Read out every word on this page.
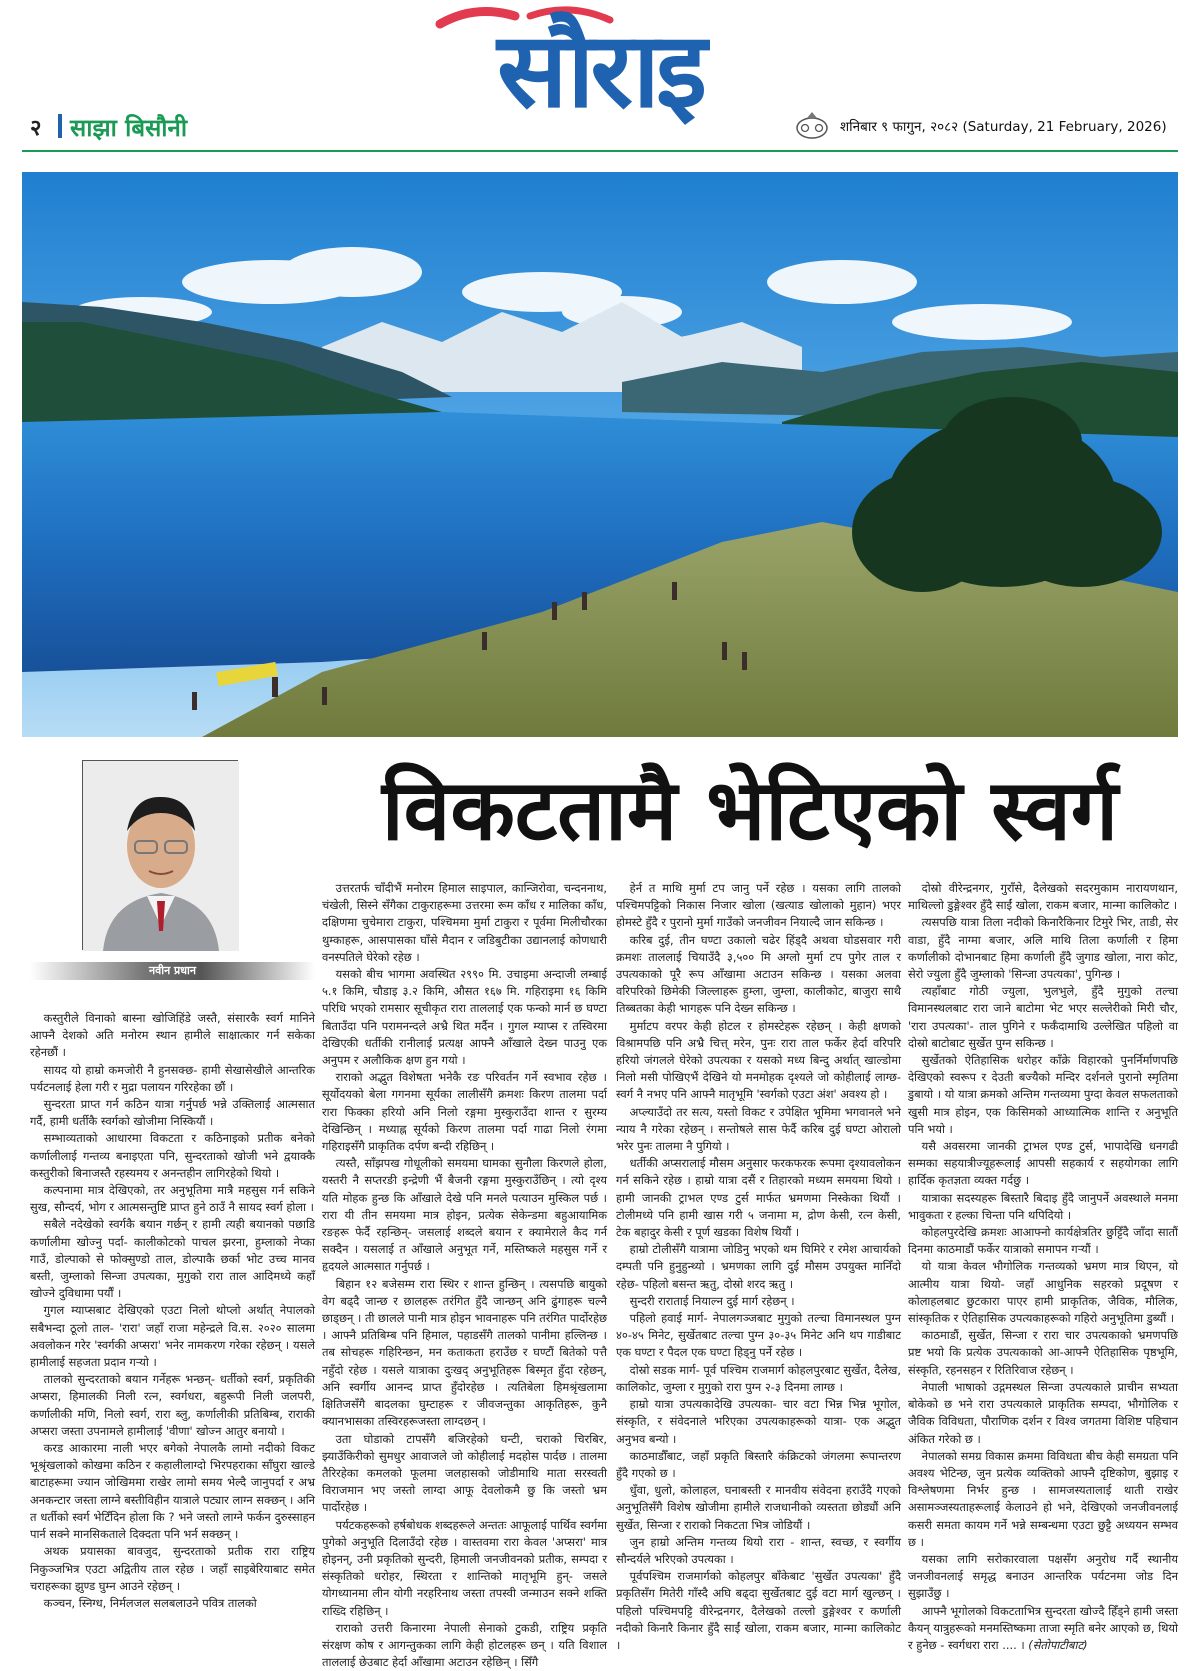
सौराइ
२ साझा बिसौनी	शनिबार ९ फागुन, २०८२ (Saturday, 21 February, 2026)
नवीन प्रधान
विकटतामै भेटिएको स्वर्ग

कस्तुरीले विनाको बास्ना खोजिहिंडे जस्तै, संसारकै स्वर्ग मानिने आफ्नै देशको अति मनोरम स्थान हामीले साक्षात्कार गर्न सकेका रहेनछौं ।

सायद यो हाम्रो कमजोरी नै हुनसक्छ- हामी सेखासेखीले आन्तरिक पर्यटनलाई हेला गरी र मुद्रा पलायन गरिरहेका छौं ।

सुन्दरता प्राप्त गर्न कठिन यात्रा गर्नुपर्छ भन्ने उक्तिलाई आत्मसात गर्दै, हामी धर्तीकै स्वर्गको खोजीमा निस्कियौं ।

सम्भाव्यताको आधारमा विकटता र कठिनाइको प्रतीक बनेको कर्णालीलाई गन्तव्य बनाइएता पनि, सुन्दरताको खोजी भने द्वयाक्कै कस्तुरीको बिनाजस्तै रहस्यमय र अनन्तहीन लागिरहेको थियो ।

कल्पनामा मात्र देखिएको, तर अनुभूतिमा मात्रै महसुस गर्न सकिने सुख, सौन्दर्य, भोग र आत्मसन्तुष्टि प्राप्त हुने ठाउँ नै सायद स्वर्ग होला ।

सबैले नदेखेको स्वर्गकै बयान गर्छन् र हामी त्यही बयानको पछाडि कर्णालीमा खोज्नु पर्दा- कालीकोटको पाचल झरना, हुम्लाको नेप्का गाउँ, डोल्पाको से फोक्सुण्डो ताल, डोल्पाकै छर्का भोट उच्च मानव बस्ती, जुम्लाको सिन्जा उपत्यका, मुगुको रारा ताल आदिमध्ये कहाँ खोज्ने दुविधामा पर्यौं ।

गुगल म्याप्सबाट देखिएको एउटा निलो थोप्लो अर्थात् नेपालको सबैभन्दा ठूलो ताल- 'रारा' जहाँ राजा महेन्द्रले वि.स. २०२० सालमा अवलोकन गरेर 'स्वर्गकी अप्सरा' भनेर नामकरण गरेका रहेछन् । यसले हामीलाई सहजता प्रदान गर्‍यो ।

तालको सुन्दरताको बयान गर्नेहरू भन्छन्- धर्तीको स्वर्ग, प्रकृतिकी अप्सरा, हिमालकी निली रत्न, स्वर्गधरा, बहुरूपी निली जलपरी, कर्णालीकी मणि, निलो स्वर्ग, रारा ब्लु, कर्णालीकी प्रतिबिम्ब, राराकी अप्सरा जस्ता उपनामले हामीलाई 'वीणा' खोज्न आतुर बनायो ।

करड आकारमा नाली भएर बगेको नेपालकै लामो नदीको विकट भूश्रृंखलाको कोखमा कठिन र कहालीलाग्दो भिरपहराका साँघुरा खाल्डे बाटाहरूमा ज्यान जोखिममा राखेर लामो समय भेल्दै जानुपर्दा र अभ्र अनकन्टार जस्ता लाग्ने बस्तीविहीन यात्राले पट्यार लाग्न सक्छन् । अनि त धर्तीको स्वर्ग भेटिँदिन होला कि ? भने जस्तो लाग्ने फर्कन दुरुस्साहन पार्न सक्ने मानसिकताले दिक्दता पनि भर्न सक्छन् ।

अथक प्रयासका बावजुद, सुन्दरताको प्रतीक रारा राष्ट्रिय निकुञ्जभित्र एउटा अद्वितीय ताल रहेछ । जहाँ साइबेरियाबाट समेत चराहरूका झुण्ड घुम्न आउने रहेछन् ।

कञ्चन, स्निग्ध, निर्मलजल सलबलाउने पवित्र तालको

उत्तरतर्फ चाँदीभैं मनोरम हिमाल साइपाल, कान्जिरोवा, चन्दननाथ, चंखेली, सिस्ने सँगैका टाकुराहरूमा उत्तरमा रूम काँध र मालिका काँध, दक्षिणमा चुचेमारा टाकुरा, पश्चिममा मुर्मा टाकुरा र पूर्वमा मिलीचौरका थुम्काहरू, आसपासका घाँसे मैदान र जडिबुटीका उद्यानलाई कोणधारी वनस्पतिले घेरेको रहेछ ।

यसको बीच भागमा अवस्थित २९९० मि. उचाइमा अन्दाजी लम्बाई ५.१ किमि, चौडाइ ३.२ किमि, औसत १६७ मि. गहिराइमा १६ किमि परिधि भएको रामसार सूचीकृत रारा ताललाई एक फन्को मार्न छ घण्टा बिताउँदा पनि परामनन्दले अभ्रै थित मर्दैन । गुगल म्याप्स र तस्विरमा देखिएकी धर्तीकी रानीलाई प्रत्यक्ष आफ्नै आँखाले देख्न पाउनु एक अनुपम र अलौकिक क्षण हुन गयो ।

राराको अद्भुत विशेषता भनेकै रङ परिवर्तन गर्ने स्वभाव रहेछ । सूर्योदयको बेला गगनमा सूर्यका लालीसँगै क्रमशः किरण तालमा पर्दा रारा फिक्का हरियो अनि निलो रङ्गमा मुस्कुराउँदा शान्त र सुरम्य देखिन्छिन् । मध्याह्न सूर्यको किरण तालमा पर्दा गाढा निलो रंगमा गहिराइसँगै प्राकृतिक दर्पण बन्दी रहिछिन् ।

त्यस्तै, साँझपख गोधूलीको समयमा घामका सुनौला किरणले होला, यस्तरी नै सप्तरङी इन्द्रेणी भैं बैजनी रङ्गमा मुस्कुराउँछिन् । त्यो दृश्य यति मोहक हुन्छ कि आँखाले देखे पनि मनले पत्याउन मुस्किल पर्छ । रारा यी तीन समयमा मात्र होइन, प्रत्येक सेकेन्डमा बहुआयामिक रङहरू फेर्दै रहन्छिन्- जसलाई शब्दले बयान र क्यामेराले कैद गर्न सक्दैन । यसलाई त आँखाले अनुभूत गर्ने, मस्तिष्कले महसुस गर्ने र हृदयले आत्मसात गर्नुपर्छ ।

बिहान १२ बजेसम्म रारा स्थिर र शान्त हुन्छिन् । त्यसपछि बायुको वेग बढ्दै जान्छ र छालहरू तरंगित हुँदै जान्छन् अनि ढुंगाहरू चल्नै छाड्छन् । ती छालले पानी मात्र होइन भावनाहरू पनि तरंगित पार्दोरहेछ । आफ्नै प्रतिबिम्ब पनि हिमाल, पहाडसँगै तालको पानीमा हल्लिन्छ । तब सोचहरू गहिरिन्छन, मन कताकता हराउँछ र घण्टौं बितेको पत्तै नहुँदो रहेछ । यसले यात्राका दुःखद् अनुभूतिहरू बिस्मृत हुँदा रहेछन्, अनि स्वर्गीय आनन्द प्राप्त हुँदोरहेछ । त्यतिबेला हिमश्रृंखलामा क्षितिजसँगै बादलका घुम्टाहरू र जीवजन्तुका आकृतिहरू, कुनै क्यानभासका तस्विरहरूजस्ता लाग्दछन् ।

उता घोडाको टापसँगै बजिरहेको घन्टी, चराको चिरबिर, झ्याउँकिरीको सुमधुर आवाजले जो कोहीलाई मदहोस पार्दछ । तालमा तैरिरहेका कमलको फूलमा जलहासको जोडीमाथि माता सरस्वती विराजमान भए जस्तो लाग्दा आफू देवलोकमै छु कि जस्तो भ्रम पार्दोरहेछ ।

पर्यटकहरूको हर्षबोधक शब्दहरूले अन्ततः आफूलाई पार्थिव स्वर्गमा पुगेको अनुभूति दिलाउँदो रहेछ । वास्तवमा रारा केवल 'अप्सरा' मात्र होइनन्, उनी प्रकृतिको सुन्दरी, हिमाली जनजीवनको प्रतीक, सम्पदा र संस्कृतिको धरोहर, स्थिरता र शान्तिको मातृभूमि हुन्- जसले योगध्यानमा लीन योगी नरहरिनाथ जस्ता तपस्वी जन्माउन सक्ने शक्ति राख्दि रहिछिन् ।

राराको उत्तरी किनारमा नेपाली सेनाको टुकडी, राष्ट्रिय प्रकृति संरक्षण कोष र आगन्तुकका लागि केही होटलहरू छन् । यति विशाल ताललाई छेउबाट हेर्दा आँखामा अटाउन रहेछिन् । सिँगै

हेर्न त माथि मुर्मा टप जानु पर्ने रहेछ । यसका लागि तालको पश्चिमपट्टिको निकास निजार खोला (खत्याड खोलाको मुहान) भएर होमस्टे हुँदै र पुरानो मुर्मा गाउँको जनजीवन नियाल्दै जान सकिन्छ ।

करिब दुई, तीन घण्टा उकालो चढेर हिंड्दै अथवा घोडसवार गरी क्रमशः ताललाई चियाउँदै ३,५०० मि अग्लो मुर्मा टप पुगेर ताल र उपत्यकाको पूरै रूप आँखामा अटाउन सकिन्छ । यसका अलवा वरिपरिको छिमेकी जिल्लाहरू हुम्ला, जुम्ला, कालीकोट, बाजुरा साथै तिब्बतका केही भागहरू पनि देख्न सकिन्छ ।

मुर्माटप वरपर केही होटल र होमस्टेहरू रहेछन् । केही क्षणको विश्रामपछि पनि अभ्रै चित्त् मरेन, पुनः रारा ताल फर्केर हेर्दा वरिपरि हरियो जंगलले घेरेको उपत्यका र यसको मध्य बिन्दु अर्थात् खाल्डोमा निलो मसी पोखिएभैं देखिने यो मनमोहक दृश्यले जो कोहीलाई लाग्छ- स्वर्ग नै नभए पनि आफ्नै मातृभूमि 'स्वर्गको एउटा अंश' अवश्य हो ।

अप्ल्याउँदो तर सत्य, यस्तो विकट र उपेक्षित भूमिमा भगवानले भने न्याय नै गरेका रहेछन् । सन्तोषले सास फेर्दै करिब दुई घण्टा ओरालो भरेर पुनः तालमा नै पुगियो ।

धर्तीकी अप्सरालाई मौसम अनुसार फरकफरक रूपमा दृश्यावलोकन गर्न सकिने रहेछ । हाम्रो यात्रा दसैं र तिहारको मध्यम समयमा थियो । हामी जानकी ट्राभल एण्ड टुर्स मार्फत भ्रमणमा निस्केका थियौं । टोलीमध्ये पनि हामी खास गरी ५ जनामा म, द्रोण केसी, रत्न केसी, टेक बहादुर केसी र पूर्ण खडका विशेष थियौं ।

हाम्रो टोलीसँगै यात्रामा जोडिनु भएको थम घिमिरे र रमेश आचार्यको दम्पती पनि हुनुहुन्थ्यो । भ्रमणका लागि दुई मौसम उपयुक्त मानिँदो रहेछ- पहिलो बसन्त ऋतु, दोस्रो शरद ऋतु ।

सुन्दरी राराताई नियाल्न दुई मार्ग रहेछन् ।

पहिलो हवाई मार्ग- नेपालगञ्जबाट मुगुको तल्चा विमानस्थल पुग्न ४०-४५ मिनेट, सुर्खेतबाट तल्चा पुग्न ३०-३५ मिनेट अनि थप गाडीबाट एक घण्टा र पैदल एक घण्टा हिड्नु पर्ने रहेछ ।

दोस्रो सडक मार्ग- पूर्व पश्चिम राजमार्ग कोहलपुरबाट सुर्खेत, दैलेख, कालिकोट, जुम्ला र मुगुको रारा पुग्न २-३ दिनमा लाग्छ ।

हाम्रो यात्रा उपत्यकादेखि उपत्यका- चार वटा भिन्न भिन्न भूगोल, संस्कृति, र संवेदनाले भरिएका उपत्यकाहरूको यात्रा- एक अद्भुत अनुभव बन्यो ।

काठमाडौँबाट, जहाँ प्रकृति बिस्तारै कंक्रिटको जंगलमा रूपान्तरण हुँदै गएको छ ।

धुँवा, धुलो, कोलाहल, घनाबस्ती र मानवीय संवेदना हराउँदै गएको अनुभूतिसँगै विशेष खोजीमा हामीले राजधानीको व्यस्तता छोड्यौं अनि सुर्खेत, सिन्जा र राराको निकटता भित्र जोडियौं ।

जुन हाम्रो अन्तिम गन्तव्य थियो रारा - शान्त, स्वच्छ, र स्वर्गीय सौन्दर्यले भरिएको उपत्यका ।

पूर्वपश्चिम राजमार्गको कोहलपुर बाँकेबाट 'सुर्खेत उपत्यका' हुँदै प्रकृतिसँग मितेरी गाँस्दै अघि बढ्दा सुर्खेतबाट दुई वटा मार्ग खुल्छन् । पहिलो पश्चिमपट्टि वीरेन्द्रनगर, दैलेखको तल्लो डुङ्गेश्वर र कर्णाली नदीको किनारै किनार हुँदै साईं खोला, राकम बजार, मान्मा कालिकोट ।

दोस्रो वीरेन्द्रनगर, गुराँसे, दैलेखको सदरमुकाम नारायणथान, माथिल्लो डुङ्गेश्वर हुँदै साईं खोला, राकम बजार, मान्मा कालिकोट ।

त्यसपछि यात्रा तिला नदीको किनारैकिनार टिमुरे भिर, ताडी, सेर वाडा, हुँदै नाग्मा बजार, अलि माथि तिला कर्णाली र हिमा कर्णालीको दोभानबाट हिमा कर्णाली हुँदै जुगाड खोला, नारा कोट, सेरो ज्युला हुँदै जुम्लाको 'सिन्जा उपत्यका', पुगिन्छ ।

त्यहाँबाट गोठी ज्युला, भुलभुले, हुँदै मुगुको तल्चा विमानस्थलबाट रारा जाने बाटोमा भेट भएर सल्लेरीको मिरी चौर, 'रारा उपत्यका'- ताल पुगिने र फर्कँदामाथि उल्लेखित पहिलो वा दोस्रो बाटोबाट सुर्खेत पुग्न सकिन्छ ।

सुर्खेतको ऐतिहासिक धरोहर काँक्रे विहारको पुनर्निर्माणपछि देखिएको स्वरूप र देउती बज्यैको मन्दिर दर्शनले पुरानो स्मृतिमा डुबायो । यो यात्रा क्रमको अन्तिम गन्तव्यमा पुग्दा केवल सफलताको खुसी मात्र होइन, एक किसिमको आध्यात्मिक शान्ति र अनुभूति पनि भयो ।

यसै अवसरमा जानकी ट्राभल एण्ड टुर्स, भापादेखि धनगढी सम्मका सहयात्रीज्यूहरूलाई आपसी सहकार्य र सहयोगका लागि हार्दिक कृतज्ञता व्यक्त गर्दछु ।

यात्राका सदस्यहरू बिस्तारै बिदाइ हुँदै जानुपर्ने अवस्थाले मनमा भावुकता र हल्का चिन्ता पनि थपिदियो ।

कोहलपुरदेखि क्रमशः आआफ्नो कार्यक्षेत्रतिर छुट्टिँदै जाँदा सातौं दिनमा काठमाडौं फर्केर यात्राको समापन गर्‍यौं ।

यो यात्रा केवल भौगोलिक गन्तव्यको भ्रमण मात्र थिएन, यो आत्मीय यात्रा थियो- जहाँ आधुनिक सहरको प्रदूषण र कोलाहलबाट छुटकारा पाएर हामी प्राकृतिक, जैविक, मौलिक, सांस्कृतिक र ऐतिहासिक उपत्यकाहरूको गहिरो अनुभूतिमा डुब्यौं ।

काठमाडौं, सुर्खेत, सिन्जा र रारा चार उपत्यकाको भ्रमणपछि प्रष्ट भयो कि प्रत्येक उपत्यकाको आ-आफ्नै ऐतिहासिक पृष्ठभूमि, संस्कृति, रहनसहन र रितिरिवाज रहेछन् ।

नेपाली भाषाको उद्गमस्थल सिन्जा उपत्यकाले प्राचीन सभ्यता बोकेको छ भने रारा उपत्यकाले प्राकृतिक सम्पदा, भौगोलिक र जैविक विविधता, पौराणिक दर्शन र विश्व जगतमा विशिष्ट पहिचान अंकित गरेको छ ।

नेपालको समग्र विकास क्रममा विविधता बीच केही समग्रता पनि अवश्य भेटिन्छ, जुन प्रत्येक व्यक्तिको आफ्नै दृष्टिकोण, बुझाइ र विश्लेषणमा निर्भर हुन्छ । सामजस्यतालाई थाती राखेर असामञ्जस्यताहरूलाई केलाउने हो भने, देखिएको जनजीवनलाई कसरी समता कायम गर्ने भन्ने सम्बन्धमा एउटा छुट्टै अध्ययन सम्भव छ ।

यसका लागि सरोकारवाला पक्षसँग अनुरोध गर्दै स्थानीय जनजीवनलाई समृद्ध बनाउन आन्तरिक पर्यटनमा जोड दिन सुझाउँछु ।

आफ्नै भूगोलको विकटताभित्र सुन्दरता खोज्दै हिँड्ने हामी जस्ता कैयन् यात्रुहरूको मनमस्तिष्कमा ताजा स्मृति बनेर आएको छ, थियो र हुनेछ - स्वर्गधरा रारा .... । (सेतोपाटीबाट)
